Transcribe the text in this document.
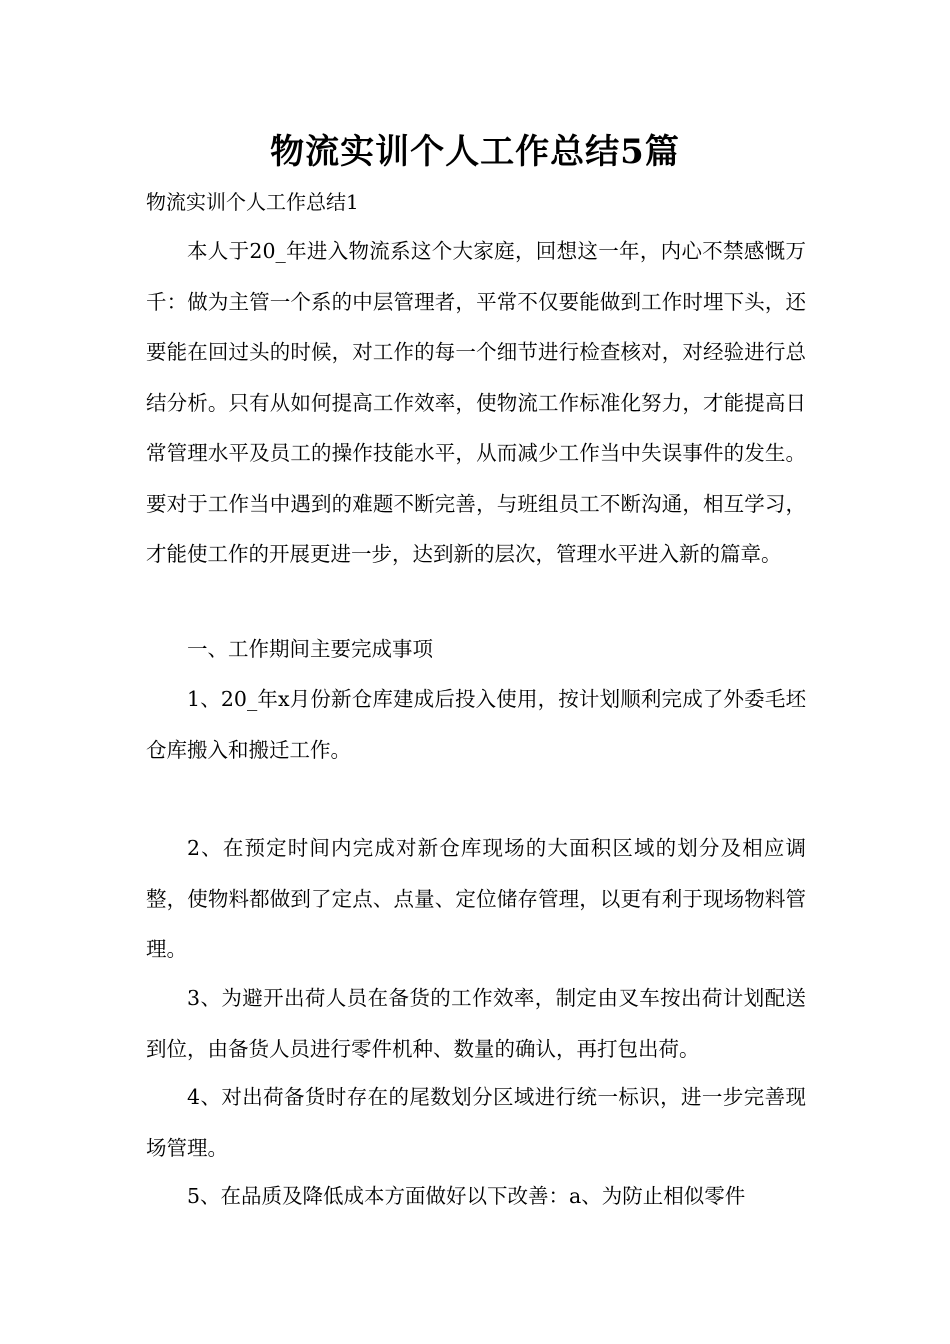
物流实训个人工作总结5篇
物流实训个人工作总结1

本人于20_年进入物流系这个大家庭，回想这一年，内心不禁感慨万千：做为主管一个系的中层管理者，平常不仅要能做到工作时埋下头，还要能在回过头的时候，对工作的每一个细节进行检查核对，对经验进行总结分析。只有从如何提高工作效率，使物流工作标准化努力，才能提高日常管理水平及员工的操作技能水平，从而减少工作当中失误事件的发生。要对于工作当中遇到的难题不断完善，与班组员工不断沟通，相互学习，才能使工作的开展更进一步，达到新的层次，管理水平进入新的篇章。

一、工作期间主要完成事项

1、20_年x月份新仓库建成后投入使用，按计划顺利完成了外委毛坯仓库搬入和搬迁工作。

2、在预定时间内完成对新仓库现场的大面积区域的划分及相应调整，使物料都做到了定点、点量、定位储存管理，以更有利于现场物料管理。

3、为避开出荷人员在备货的工作效率，制定由叉车按出荷计划配送到位，由备货人员进行零件机种、数量的确认，再打包出荷。

4、对出荷备货时存在的尾数划分区域进行统一标识，进一步完善现场管理。

5、在品质及降低成本方面做好以下改善：a、为防止相似零件
